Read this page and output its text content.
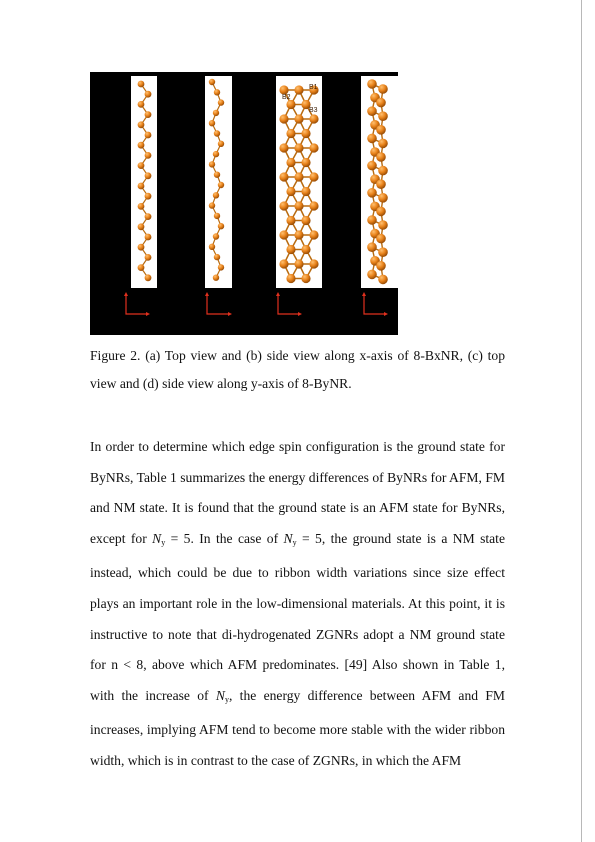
B2
B1
B3

Figure 2. (a) Top view and (b) side view along x-axis of 8-BxNR, (c) top view and (d) side view along y-axis of 8-ByNR.

In order to determine which edge spin configuration is the ground state for ByNRs, Table 1 summarizes the energy differences of ByNRs for AFM, FM and NM state. It is found that the ground state is an AFM state for ByNRs, except for $N_y = 5$. In the case of $N_y = 5$, the ground state is a NM state instead, which could be due to ribbon width variations since size effect plays an important role in the low-dimensional materials. At this point, it is instructive to note that di-hydrogenated ZGNRs adopt a NM ground state for n < 8, above which AFM predominates. [49] Also shown in Table 1, with the increase of $N_y$, the energy difference between AFM and FM increases, implying AFM tend to become more stable with the wider ribbon width, which is in contrast to the case of ZGNRs, in which the AFM
